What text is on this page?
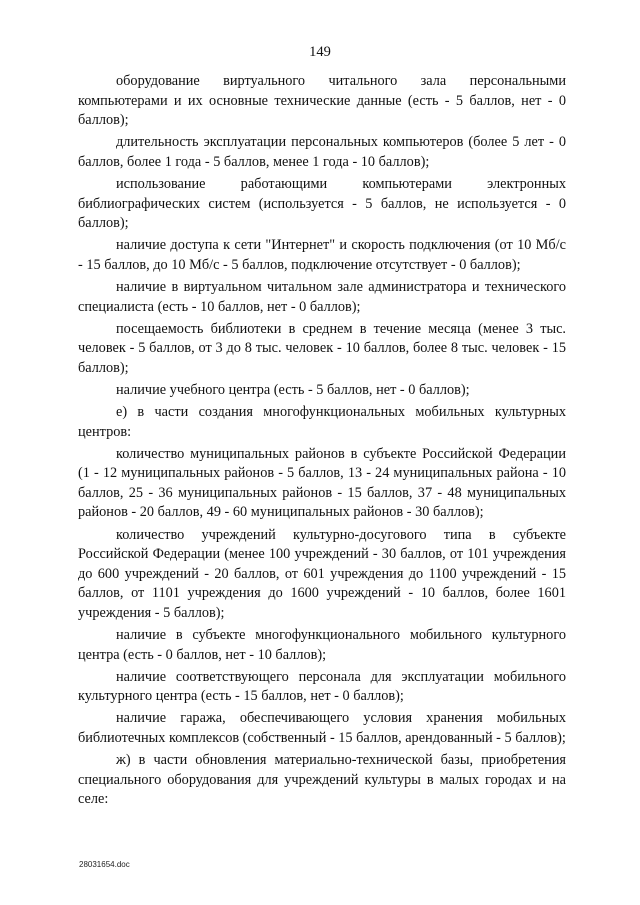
149

оборудование виртуального читального зала персональными компьютерами и их основные технические данные (есть - 5 баллов, нет - 0 баллов);

длительность эксплуатации персональных компьютеров (более 5 лет - 0 баллов, более 1 года - 5 баллов, менее 1 года - 10 баллов);

использование работающими компьютерами электронных библиографических систем (используется - 5 баллов, не используется - 0 баллов);

наличие доступа к сети "Интернет" и скорость подключения (от 10 Мб/с - 15 баллов, до 10 Мб/с - 5 баллов, подключение отсутствует - 0 баллов);

наличие в виртуальном читальном зале администратора и технического специалиста (есть - 10 баллов, нет - 0 баллов);

посещаемость библиотеки в среднем в течение месяца (менее 3 тыс. человек - 5 баллов, от 3 до 8 тыс. человек - 10 баллов, более 8 тыс. человек - 15 баллов);

наличие учебного центра (есть - 5 баллов, нет - 0 баллов);

е) в части создания многофункциональных мобильных культурных центров:

количество муниципальных районов в субъекте Российской Федерации (1 - 12 муниципальных районов - 5 баллов, 13 - 24 муниципальных района - 10 баллов, 25 - 36 муниципальных районов - 15 баллов, 37 - 48 муниципальных районов - 20 баллов, 49 - 60 муниципальных районов - 30 баллов);

количество учреждений культурно-досугового типа в субъекте Российской Федерации (менее 100 учреждений - 30 баллов, от 101 учреждения до 600 учреждений - 20 баллов, от 601 учреждения до 1100 учреждений - 15 баллов, от 1101 учреждения до 1600 учреждений - 10 баллов, более 1601 учреждения - 5 баллов);

наличие в субъекте многофункционального мобильного культурного центра (есть - 0 баллов, нет - 10 баллов);

наличие соответствующего персонала для эксплуатации мобильного культурного центра (есть - 15 баллов, нет - 0 баллов);

наличие гаража, обеспечивающего условия хранения мобильных библиотечных комплексов (собственный - 15 баллов, арендованный - 5 баллов);

ж) в части обновления материально-технической базы, приобретения специального оборудования для учреждений культуры в малых городах и на селе:

28031654.doc
